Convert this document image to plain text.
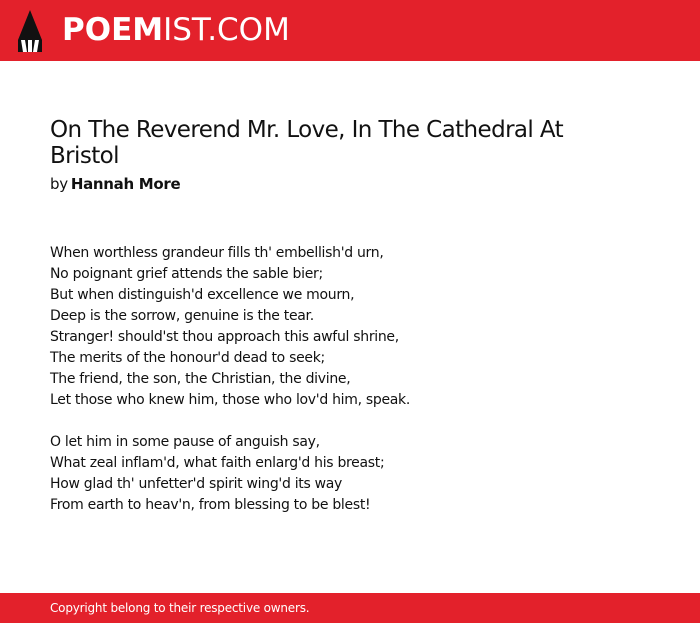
POEMIST.COM
On The Reverend Mr. Love, In The Cathedral At Bristol
by Hannah More
When worthless grandeur fills th' embellish'd urn,
No poignant grief attends the sable bier;
But when distinguish'd excellence we mourn,
Deep is the sorrow, genuine is the tear.
Stranger! should'st thou approach this awful shrine,
The merits of the honour'd dead to seek;
The friend, the son, the Christian, the divine,
Let those who knew him, those who lov'd him, speak.
O let him in some pause of anguish say,
What zeal inflam'd, what faith enlarg'd his breast;
How glad th' unfetter'd spirit wing'd its way
From earth to heav'n, from blessing to be blest!
Copyright belong to their respective owners.
